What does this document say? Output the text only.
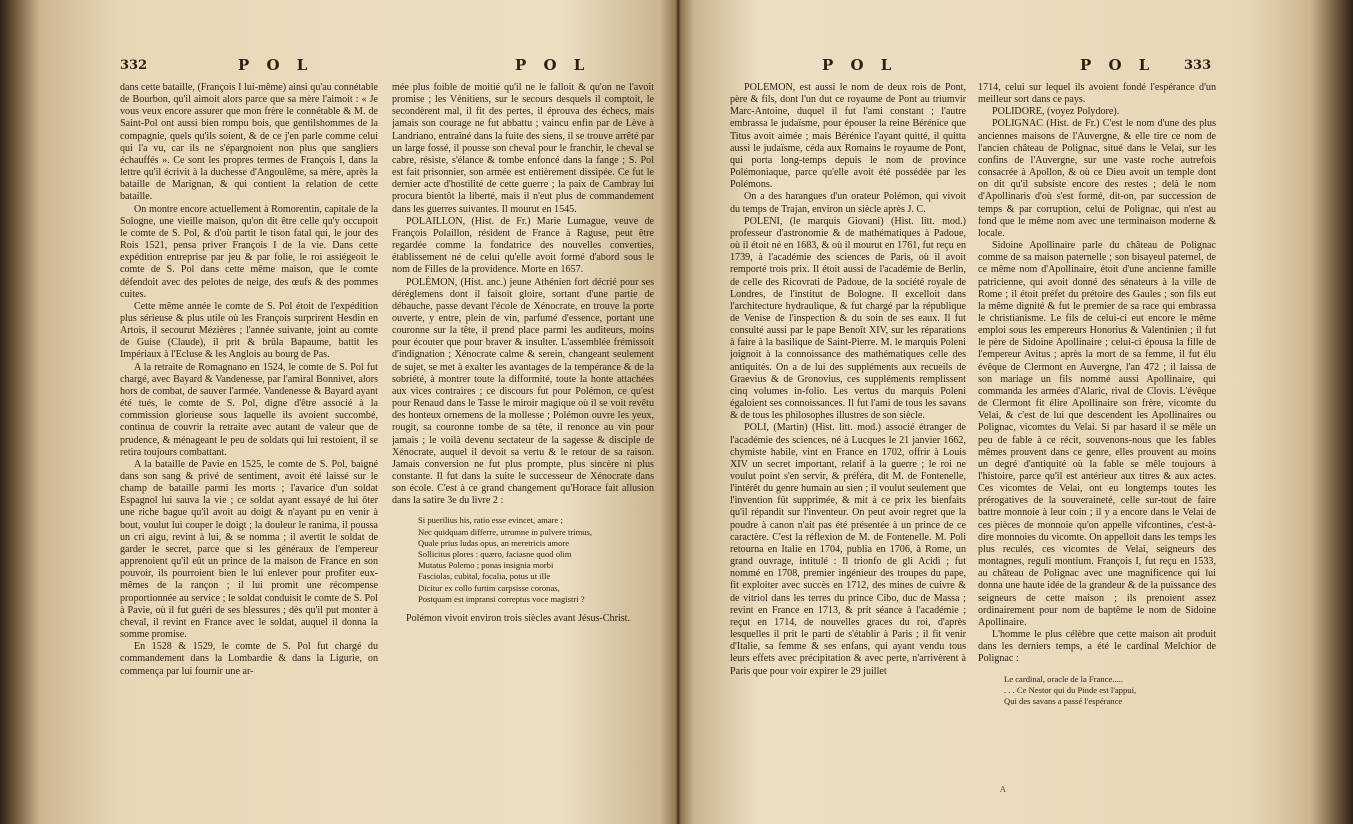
332	P O L	P O L

dans cette bataille, (François I lui-même) ainsi qu'au connétable de Bourbon, qu'il aimoit alors parce que sa mère l'aimoit : « Je vous veux encore assurer que mon frère le connétable & M. de Saint-Pol ont aussi bien rompu bois, que gentilshommes de la compagnie, quels qu'ils soient, & de ce j'en parle comme celui qui l'a vu, car ils ne s'épargnoient non plus que sangliers échauffés ». Ce sont les propres termes de François I, dans la lettre qu'il écrivit à la duchesse d'Angoulême, sa mère, après la bataille de Marignan, & qui contient la relation de cette bataille.

On montre encore actuellement à Romorentin, capitale de la Sologne, une vieille maison, qu'on dit être celle qu'y occupoit le comte de S. Pol, & d'où partit le tison fatal qui, le jour des Rois 1521, pensa priver François I de la vie. Dans cette expédition entreprise par jeu & par folie, le roi assiégeoit le comte de S. Pol dans cette même maison, que le comte défendoit avec des pelotes de neige, des œufs & des pommes cuites.

Cette même année le comte de S. Pol étoit de l'expédition plus sérieuse & plus utile où les François surprirent Hesdin en Artois, il secourut Mézières ; l'année suivante, joint au comte de Guise (Claude), il prit & brûla Bapaume, battit les Impériaux à l'Ecluse & les Anglois au bourg de Pas.

A la retraite de Romagnano en 1524, le comte de S. Pol fut chargé, avec Bayard & Vandenesse, par l'amiral Bonnivet, alors hors de combat, de sauver l'armée. Vandenesse & Bayard ayant été tués, le comte de S. Pol, digne d'être associé à la commission glorieuse sous laquelle ils avoient succombé, continua de couvrir la retraite avec autant de valeur que de prudence, & ménageant le peu de soldats qui lui restoient, il se retira toujours combattant.

A la bataille de Pavie en 1525, le comte de S. Pol, baigné dans son sang & privé de sentiment, avoit été laissé sur le champ de bataille parmi les morts ; l'avarice d'un soldat Espagnol lui sauva la vie ; ce soldat ayant essayé de lui ôter une riche bague qu'il avoit au doigt & n'ayant pu en venir à bout, voulut lui couper le doigt ; la douleur le ranima, il poussa un cri aigu, revint à lui, & se nomma ; il avertit le soldat de garder le secret, parce que si les généraux de l'empereur apprenoient qu'il eût un prince de la maison de France en son pouvoir, ils pourroient bien le lui enlever pour profiter eux-mêmes de la rançon ; il lui promit une récompense proportionnée au service ; le soldat conduisit le comte de S. Pol à Pavie, où il fut guéri de ses blessures ; dès qu'il put monter à cheval, il revint en France avec le soldat, auquel il donna la somme promise.

En 1528 & 1529, le comte de S. Pol fut chargé du commandement dans la Lombardie & dans la Ligurie, on commença par lui fournir une ar-

mée plus foible de moitié qu'il ne le falloit & qu'on ne l'avoit promise ; les Vénitiens, sur le secours desquels il comptoit, le secondèrent mal, il fit des pertes, il éprouva des échecs, mais jamais son courage ne fut abbattu ; vaincu enfin par de Lève à Landriano, entraîné dans la fuite des siens, il se trouve arrêté par un large fossé, il pousse son cheval pour le franchir, le cheval se cabre, résiste, s'élance & tombe enfoncé dans la fange ; S. Pol est fait prisonnier, son armée est entièrement dissipée. Ce fut le dernier acte d'hostilité de cette guerre ; la paix de Cambray lui procura bientôt la liberté, mais il n'eut plus de commandement dans les guerres suivantes. Il mourut en 1545.

POLAILLON, (Hist. de Fr.) Marie Lumague, veuve de François Polaillon, résident de France à Raguse, peut être regardée comme la fondatrice des nouvelles converties, établissement né de celui qu'elle avoit formé d'abord sous le nom de Filles de la providence. Morte en 1657.

POLÉMON, (Hist. anc.) jeune Athénien fort décrié pour ses déréglemens dont il faisoit gloire, sortant d'une partie de débauche, passe devant l'école de Xénocrate, en trouve la porte ouverte, y entre, plein de vin, parfumé d'essence, portant une couronne sur la tête, il prend place parmi les auditeurs, moins pour écouter que pour braver & insulter. L'assemblée frémissoit d'indignation ; Xénocrate calme & serein, changeant seulement de sujet, se met à exalter les avantages de la tempérance & de la sobriété, à montrer toute la difformité, toute la honte attachées aux vices contraires ; ce discours fut pour Polémon, ce qu'est pour Renaud dans le Tasse le miroir magique où il se voit revêtu des honteux ornemens de la mollesse ; Polémon ouvre les yeux, rougit, sa couronne tombe de sa tête, il renonce au vin pour jamais ; le voilà devenu sectateur de la sagesse & disciple de Xénocrate, auquel il devoit sa vertu & le retour de sa raison. Jamais conversion ne fut plus prompte, plus sincère ni plus constante. Il fut dans la suite le successeur de Xénocrate dans son école. C'est à ce grand changement qu'Horace fait allusion dans la satire 3e du livre 2 :

Si puerilius his, ratio esse evincet, amare ;
Nec quidquam differre, utrumne in pulvere trimus,
Quale prius ludas opus, an meretricis amore
Sollicitus plores : quæro, faciasne quod olim
Mutatus Polemo ; ponas insignia morbi
Fasciolas, cubital, focalia, potus ut ille
Dicitur ex collo furtim carpsisse coronas,
Postquam est impransi correptus voce magistri ?

Polémon vivoit environ trois siècles avant Jésus-Christ.

P O L	P O L 333

POLÉMON, est aussi le nom de deux rois de Pont, père & fils, dont l'un dut ce royaume de Pont au triumvir Marc-Antoine, duquel il fut l'ami constant ; l'autre embrassa le judaïsme, pour épouser la reine Bérénice que Titus avoit aimée ; mais Bérénice l'ayant quitté, il quitta aussi le judaïsme, céda aux Romains le royaume de Pont, qui porta long-temps depuis le nom de province Polémoniaque, parce qu'elle avoit été possédée par les Polémons.

On a des harangues d'un orateur Polémon, qui vivoit du temps de Trajan, environ un siècle après J. C.

POLENI, (le marquis Giovani) (Hist. litt. mod.) professeur d'astronomie & de mathématiques à Padoue, où il étoit né en 1683, & où il mourut en 1761, fut reçu en 1739, à l'académie des sciences de Paris, où il avoit remporté trois prix. Il étoit aussi de l'académie de Berlin, de celle des Ricovrati de Padoue, de la société royale de Londres, de l'institut de Bologne. Il excelloit dans l'architecture hydraulique, & fut chargé par la république de Venise de l'inspection & du soin de ses eaux. Il fut consulté aussi par le pape Benoît XIV, sur les réparations à faire à la basilique de Saint-Pierre. M. le marquis Poleni joignoit à la connoissance des mathématiques celle des antiquités. On a de lui des suppléments aux recueils de Graevius & de Gronovius, ces suppléments remplissent cinq volumes in-folio. Les vertus du marquis Poleni égaloient ses connoissances. Il fut l'ami de tous les savans & de tous les philosophes illustres de son siècle.

POLI, (Martin) (Hist. litt. mod.) associé étranger de l'académie des sciences, né à Lucques le 21 janvier 1662, chymiste habile, vint en France en 1702, offrir à Louis XIV un secret important, relatif à la guerre ; le roi ne voulut point s'en servir, & préféra, dit M. de Fontenelle, l'intérêt du genre humain au sien ; il voulut seulement que l'invention fût supprimée, & mit à ce prix les bienfaits qu'il répandit sur l'inventeur. On peut avoir regret que la poudre à canon n'ait pas été présentée à un prince de ce caractère. C'est la réflexion de M. de Fontenelle. M. Poli retourna en Italie en 1704, publia en 1706, à Rome, un grand ouvrage, intitulé : Il trionfo de gli Acidi ; fut nommé en 1708, premier ingénieur des troupes du pape, fit exploiter avec succès en 1712, des mines de cuivre & de vitriol dans les terres du prince Cibo, duc de Massa ; revint en France en 1713, & prit séance à l'académie ; reçut en 1714, de nouvelles graces du roi, d'après lesquelles il prit le parti de s'établir à Paris ; il fit venir d'Italie, sa femme & ses enfans, qui ayant vendu tous leurs effets avec précipitation & avec perte, n'arrivèrent à Paris que pour voir expirer le 29 juillet

1714, celui sur lequel ils avoient fondé l'espérance d'un meilleur sort dans ce pays.

POLIDORE, (voyez Polydore).

POLIGNAC (Hist. de Fr.) C'est le nom d'une des plus anciennes maisons de l'Auvergne, & elle tire ce nom de l'ancien château de Polignac, situé dans le Velai, sur les confins de l'Auvergne, sur une vaste roche autrefois consacrée à Apollon, & où ce Dieu avoit un temple dont on dit qu'il subsiste encore des restes ; delà le nom d'Apollinaris d'où s'est formé, dit-on, par succession de temps & par corruption, celui de Polignac, qui n'est au fond que le même nom avec une terminaison moderne & locale.

Sidoine Apollinaire parle du château de Polignac comme de sa maison paternelle ; son bisayeul paternel, de ce même nom d'Apollinaire, étoit d'une ancienne famille patricienne, qui avoit donné des sénateurs à la ville de Rome ; il étoit préfet du prétoire des Gaules ; son fils eut la même dignité & fut le premier de sa race qui embrassa le christianisme. Le fils de celui-ci eut encore le même emploi sous les empereurs Honorius & Valentinien ; il fut le père de Sidoine Apollinaire ; celui-ci épousa la fille de l'empereur Avitus ; après la mort de sa femme, il fut élu évêque de Clermont en Auvergne, l'an 472 ; il laissa de son mariage un fils nommé aussi Apollinaire, qui commanda les armées d'Alaric, rival de Clovis. L'évêque de Clermont fit élire Apollinaire son frère, vicomte du Velai, & c'est de lui que descendent les Apollinaires ou Polignac, vicomtes du Velai. Si par hasard il se mêle un peu de fable à ce récit, souvenons-nous que les fables mêmes prouvent dans ce genre, elles prouvent au moins un degré d'antiquité où la fable se mêle toujours à l'histoire, parce qu'il est antérieur aux titres & aux actes. Ces vicomtes de Velai, ont eu longtemps toutes les prérogatives de la souveraineté, celle sur-tout de faire battre monnoie à leur coin ; il y a encore dans le Velai de ces pièces de monnoie qu'on appelle vifcontines, c'est-à-dire monnoies du vicomte. On appelloit dans les temps les plus reculés, ces vicomtes de Velai, seigneurs des montagnes, reguli montium. François I, fut reçu en 1533, au château de Polignac avec une magnificence qui lui donna une haute idée de la grandeur & de la puissance des seigneurs de cette maison ; ils prenoient assez ordinairement pour nom de baptême le nom de Sidoine Apollinaire.

L'homme le plus célèbre que cette maison ait produit dans les derniers temps, a été le cardinal Melchior de Polignac :

Le cardinal, oracle de la France.....
. . . Ce Nestor qui du Pinde est l'appui,
Qui des savans a passé l'espérance
A
